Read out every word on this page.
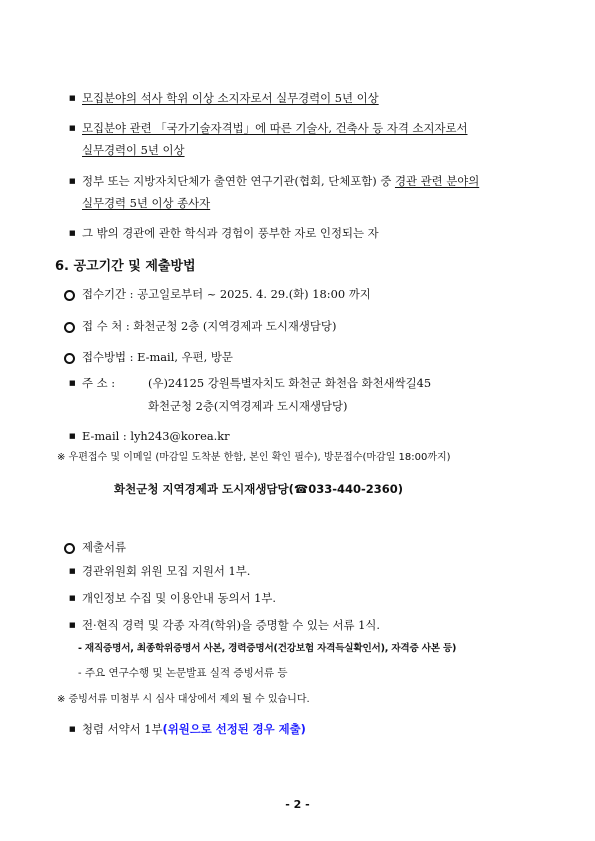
■ 모집분야의 석사 학위 이상 소지자로서 실무경력이 5년 이상
■ 모집분야 관련 「국가기술자격법」에 따른 기술사, 건축사 등 자격 소지자로서
실무경력이 5년 이상
■ 정부 또는 지방자치단체가 출연한 연구기관(협회, 단체포함) 중 경관 관련 분야의
실무경력 5년 이상 종사자
■ 그 밖의 경관에 관한 학식과 경험이 풍부한 자로 인정되는 자
6. 공고기간 및 제출방법
접수기간 : 공고일로부터 ~ 2025. 4. 29.(화) 18:00 까지
접 수 처 : 화천군청 2층 (지역경제과 도시재생담당)
접수방법 : E-mail, 우편, 방문
■ 주 소 :	(우)24125 강원특별자치도 화천군 화천읍 화천새싹길45
화천군청 2층(지역경제과 도시재생담당)
■ E-mail : lyh243@korea.kr
※ 우편접수 및 이메일 (마감일 도착분 한함, 본인 확인 필수), 방문접수(마감일 18:00까지)
화천군청 지역경제과 도시재생담당(☎033-440-2360)
제출서류
■ 경관위원회 위원 모집 지원서 1부.
■ 개인정보 수집 및 이용안내 동의서 1부.
■ 전·현직 경력 및 각종 자격(학위)을 증명할 수 있는 서류 1식.
- 재직증명서, 최종학위증명서 사본, 경력증명서(건강보험 자격득실확인서), 자격증 사본 등)
- 주요 연구수행 및 논문발표 실적 증빙서류 등
※ 증빙서류 미첨부 시 심사 대상에서 제외 될 수 있습니다.
■ 청렴 서약서 1부(위원으로 선정된 경우 제출)
- 2 -
